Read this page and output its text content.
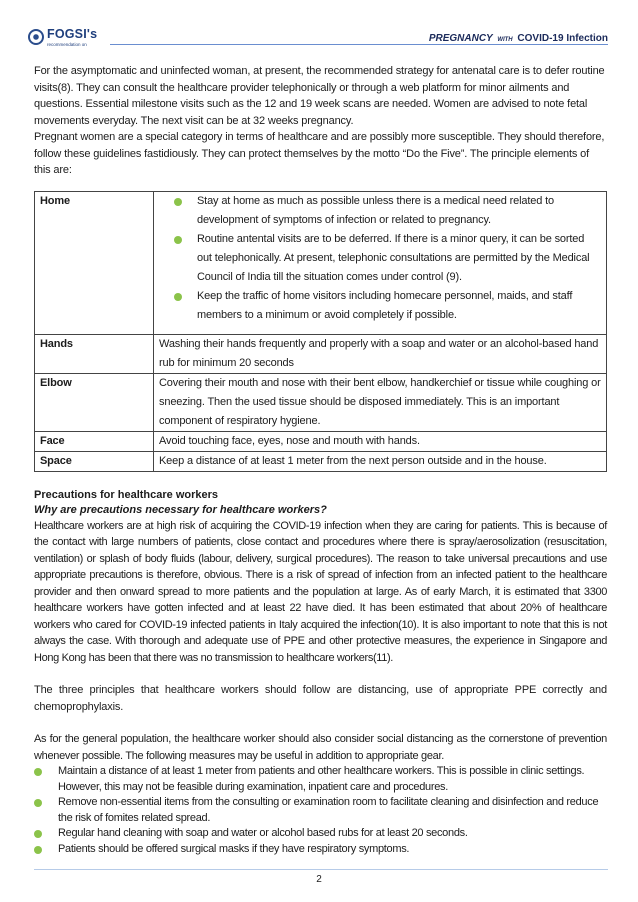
FOGSI's
recommendation on
PREGNANCY WITH COVID-19 Infection

For the asymptomatic and uninfected woman, at present, the recommended strategy for antenatal care is to defer routine visits(8). They can consult the healthcare provider telephonically or through a web platform for minor ailments and questions. Essential milestone visits such as the 12 and 19 week scans are needed. Women are advised to note fetal movements everyday. The next visit can be at 32 weeks pregnancy.

Pregnant women are a special category in terms of healthcare and are possibly more susceptible. They should therefore, follow these guidelines fastidiously. They can protect themselves by the motto “Do the Five”. The principle elements of this are:

Home	Stay at home as much as possible unless there is a medical need related to development of symptoms of infection or related to pregnancy.
Routine antental visits are to be deferred. If there is a minor query, it can be sorted out telephonically. At present, telephonic consultations are permitted by the Medical Council of India till the situation comes under control (9).
Keep the traffic of home visitors including homecare personnel, maids, and staff members to a minimum or avoid completely if possible.

Hands	Washing their hands frequently and properly with a soap and water or an alcohol-based hand rub for minimum 20 seconds
Elbow	Covering their mouth and nose with their bent elbow, handkerchief or tissue while coughing or sneezing. Then the used tissue should be disposed immediately. This is an important component of respiratory hygiene.
Face	Avoid touching face, eyes, nose and mouth with hands.
Space	Keep a distance of at least 1 meter from the next person outside and in the house.
Precautions for healthcare workers
Why are precautions necessary for healthcare workers?

Healthcare workers are at high risk of acquiring the COVID-19 infection when they are caring for patients. This is because of the contact with large numbers of patients, close contact and procedures where there is spray/aerosolization (resuscitation, ventilation) or splash of body fluids (labour, delivery, surgical procedures). The reason to take universal precautions and use appropriate precautions is therefore, obvious. There is a risk of spread of infection from an infected patient to the healthcare provider and then onward spread to more patients and the population at large. As of early March, it is estimated that 3300 healthcare workers have gotten infected and at least 22 have died. It has been estimated that about 20% of healthcare workers who cared for COVID-19 infected patients in Italy acquired the infection(10). It is also important to note that this is not always the case. With thorough and adequate use of PPE and other protective measures, the experience in Singapore and Hong Kong has been that there was no transmission to healthcare workers(11).

The three principles that healthcare workers should follow are distancing, use of appropriate PPE correctly and chemoprophylaxis.

As for the general population, the healthcare worker should also consider social distancing as the cornerstone of prevention whenever possible. The following measures may be useful in addition to appropriate gear.

Maintain a distance of at least 1 meter from patients and other healthcare workers. This is possible in clinic settings. However, this may not be feasible during examination, inpatient care and procedures.
Remove non-essential items from the consulting or examination room to facilitate cleaning and disinfection and reduce the risk of fomites related spread.
Regular hand cleaning with soap and water or alcohol based rubs for at least 20 seconds.
Patients should be offered surgical masks if they have respiratory symptoms.
2
